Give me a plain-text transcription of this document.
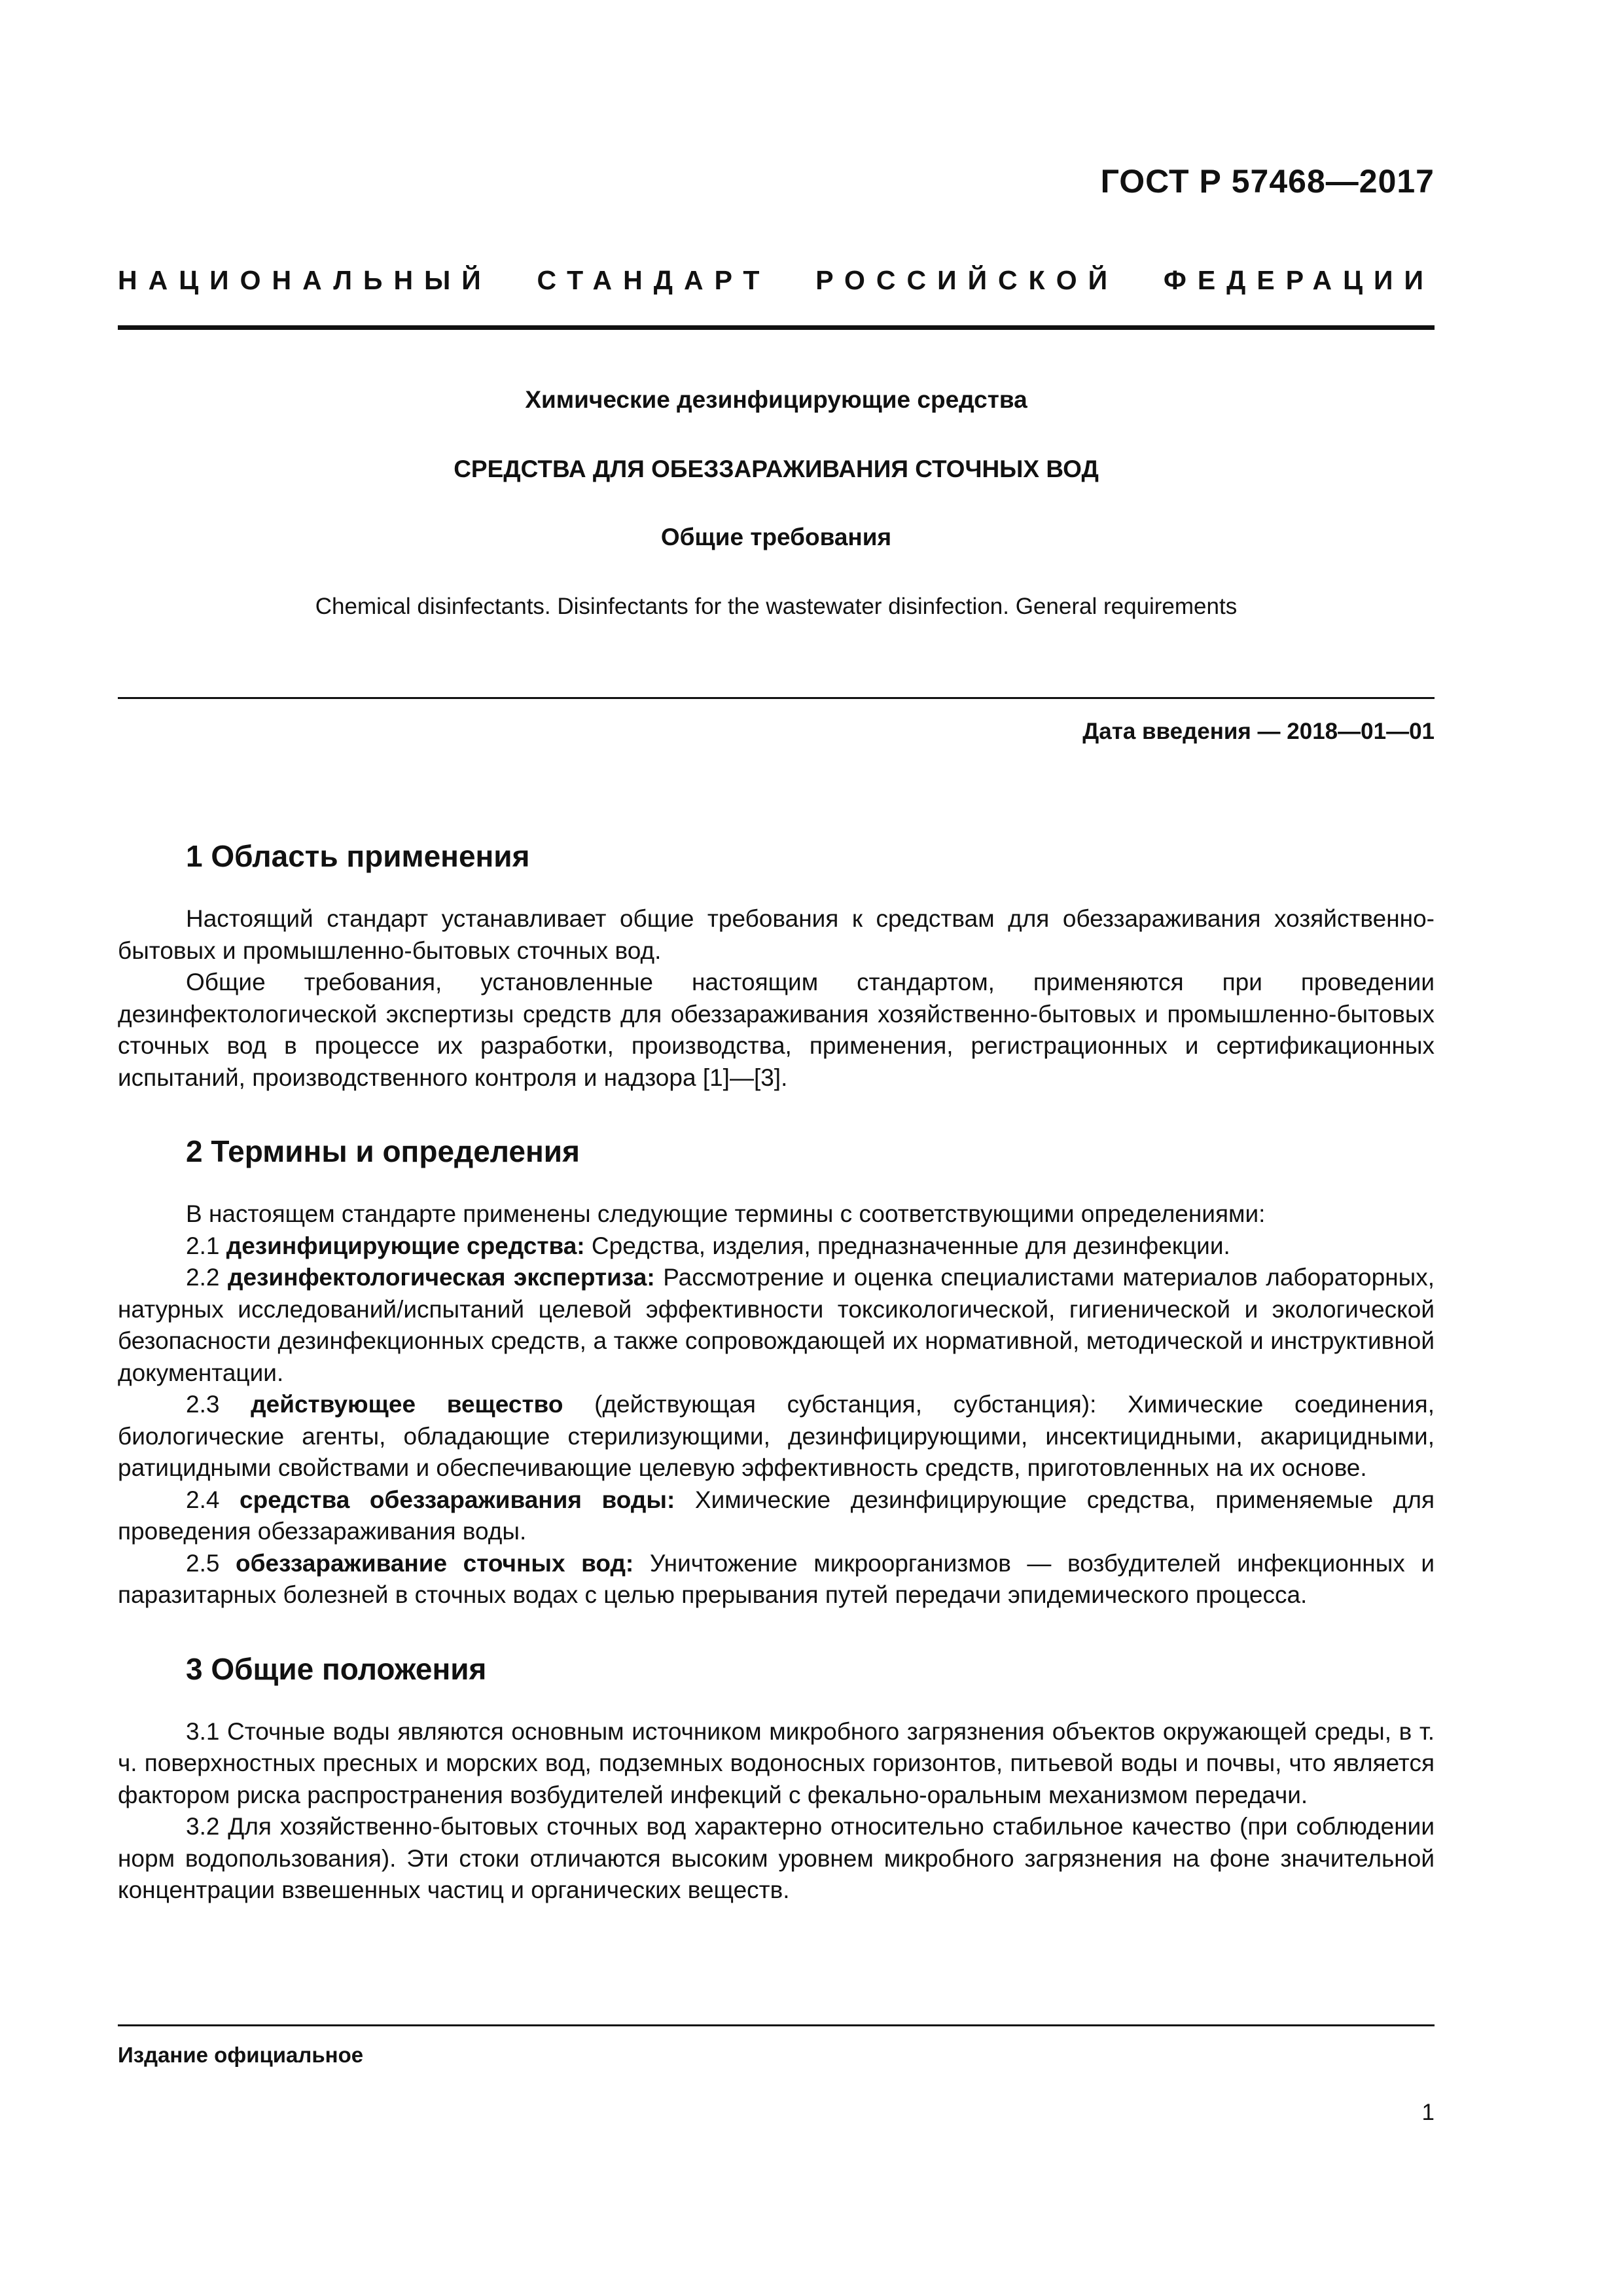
ГОСТ Р 57468—2017
НАЦИОНАЛЬНЫЙ СТАНДАРТ РОССИЙСКОЙ ФЕДЕРАЦИИ
Химические дезинфицирующие средства
СРЕДСТВА ДЛЯ ОБЕЗЗАРАЖИВАНИЯ СТОЧНЫХ ВОД
Общие требования
Chemical disinfectants. Disinfectants for the wastewater disinfection. General requirements
Дата введения — 2018—01—01
1 Область применения

Настоящий стандарт устанавливает общие требования к средствам для обеззараживания хозяйственно-бытовых и промышленно-бытовых сточных вод.

Общие требования, установленные настоящим стандартом, применяются при проведении дезинфектологической экспертизы средств для обеззараживания хозяйственно-бытовых и промышленно-бытовых сточных вод в процессе их разработки, производства, применения, регистрационных и сертификационных испытаний, производственного контроля и надзора [1]—[3].

2 Термины и определения

В настоящем стандарте применены следующие термины с соответствующими определениями:

2.1 дезинфицирующие средства: Средства, изделия, предназначенные для дезинфекции.

2.2 дезинфектологическая экспертиза: Рассмотрение и оценка специалистами материалов лабораторных, натурных исследований/испытаний целевой эффективности токсикологической, гигиенической и экологической безопасности дезинфекционных средств, а также сопровождающей их нормативной, методической и инструктивной документации.

2.3 действующее вещество (действующая субстанция, субстанция): Химические соединения, биологические агенты, обладающие стерилизующими, дезинфицирующими, инсектицидными, акарицидными, ратицидными свойствами и обеспечивающие целевую эффективность средств, приготовленных на их основе.

2.4 средства обеззараживания воды: Химические дезинфицирующие средства, применяемые для проведения обеззараживания воды.

2.5 обеззараживание сточных вод: Уничтожение микроорганизмов — возбудителей инфекционных и паразитарных болезней в сточных водах с целью прерывания путей передачи эпидемического процесса.

3 Общие положения

3.1 Сточные воды являются основным источником микробного загрязнения объектов окружающей среды, в т. ч. поверхностных пресных и морских вод, подземных водоносных горизонтов, питьевой воды и почвы, что является фактором риска распространения возбудителей инфекций с фекально-оральным механизмом передачи.

3.2 Для хозяйственно-бытовых сточных вод характерно относительно стабильное качество (при соблюдении норм водопользования). Эти стоки отличаются высоким уровнем микробного загрязнения на фоне значительной концентрации взвешенных частиц и органических веществ.

Издание официальное
1
